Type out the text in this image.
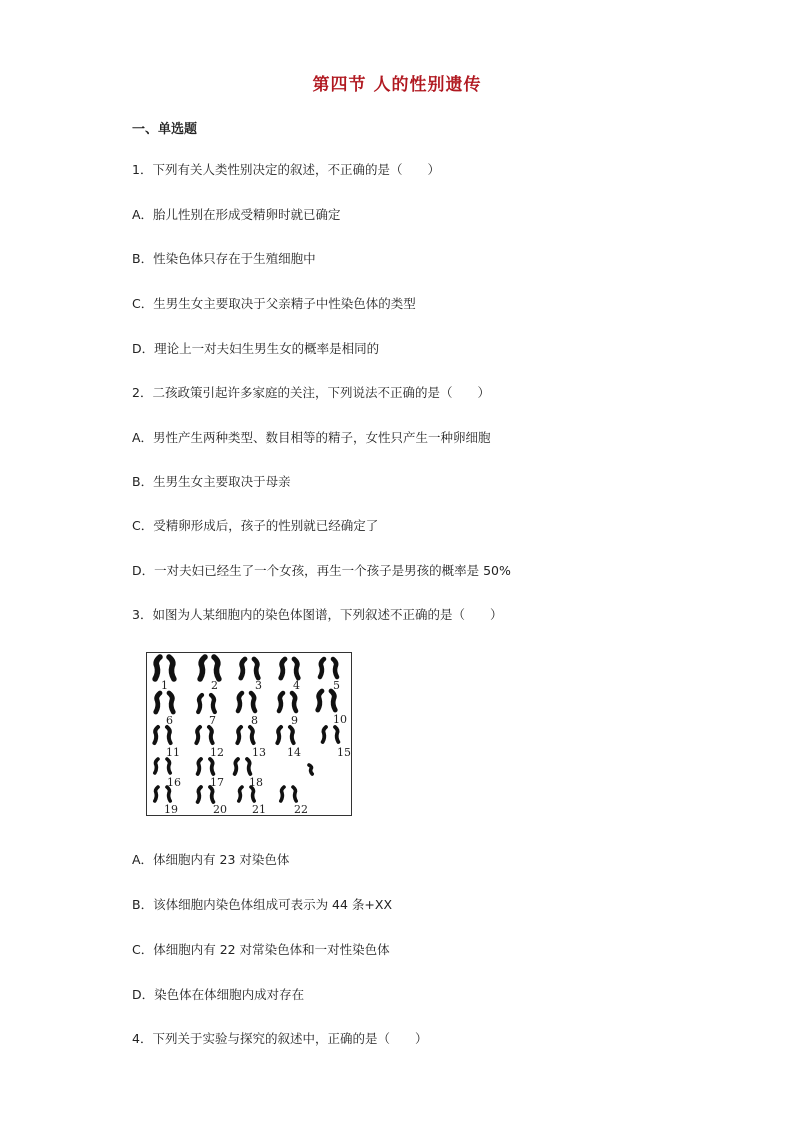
第四节 人的性别遗传
一、单选题
1．下列有关人类性别决定的叙述，不正确的是（　　）
A．胎儿性别在形成受精卵时就已确定
B．性染色体只存在于生殖细胞中
C．生男生女主要取决于父亲精子中性染色体的类型
D．理论上一对夫妇生男生女的概率是相同的
2．二孩政策引起许多家庭的关注，下列说法不正确的是（　　）
A．男性产生两种类型、数目相等的精子，女性只产生一种卵细胞
B．生男生女主要取决于母亲
C．受精卵形成后，孩子的性别就已经确定了
D．一对夫妇已经生了一个女孩，再生一个孩子是男孩的概率是 50%
3．如图为人某细胞内的染色体图谱，下列叙述不正确的是（　　）
1	2	3	4	5
6	7	8	9	10
11	12	13 14	15
16	17 18
19	20 21	22
A．体细胞内有 23 对染色体
B．该体细胞内染色体组成可表示为 44 条+XX
C．体细胞内有 22 对常染色体和一对性染色体
D．染色体在体细胞内成对存在
4．下列关于实验与探究的叙述中，正确的是（　　）
